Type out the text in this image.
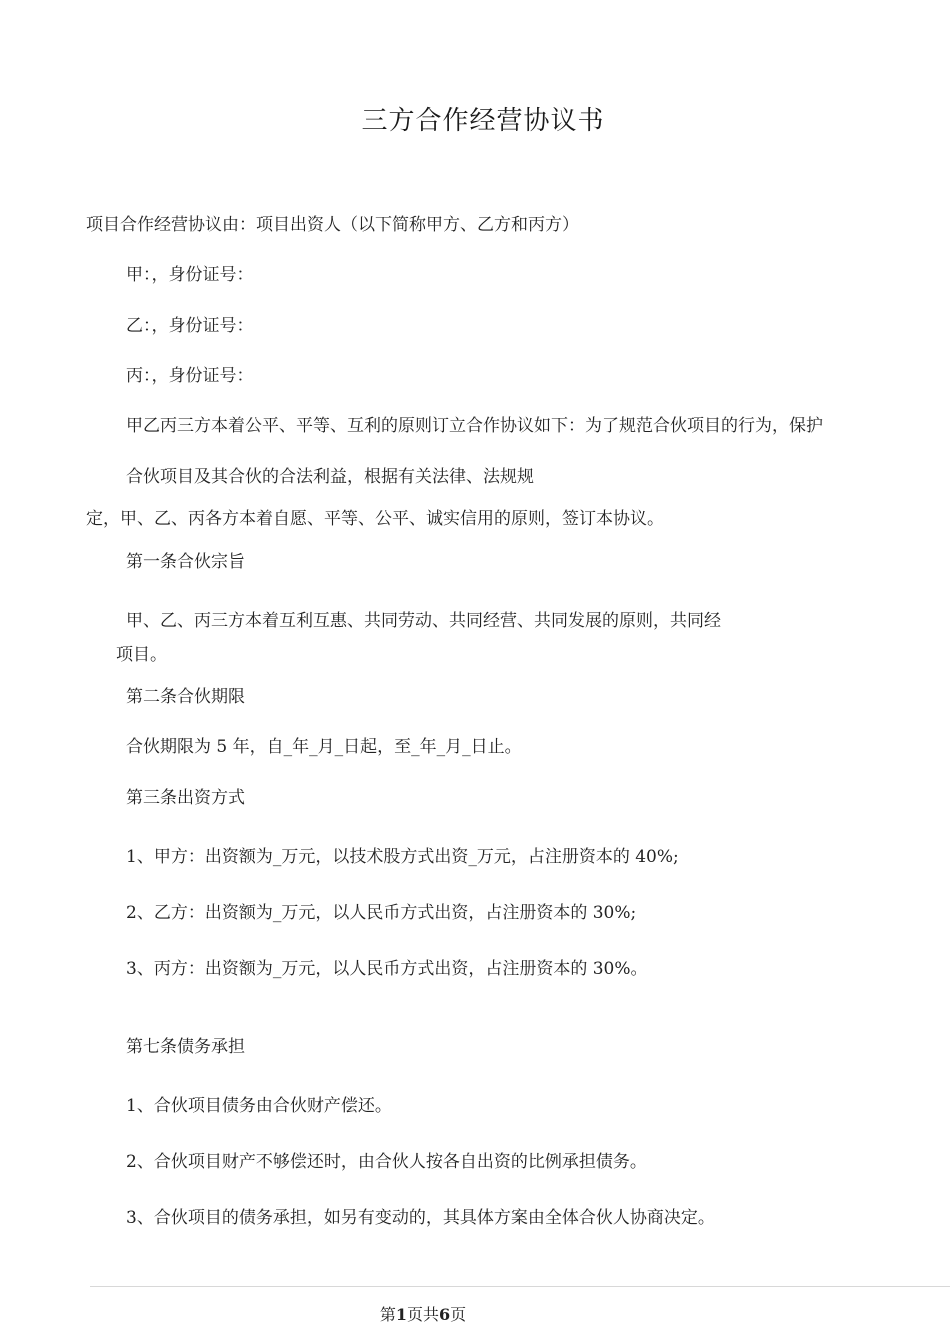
三方合作经营协议书
项目合作经营协议由：项目出资人（以下简称甲方、乙方和丙方）
甲：，身份证号：
乙：，身份证号：
丙：，身份证号：
甲乙丙三方本着公平、平等、互利的原则订立合作协议如下：为了规范合伙项目的行为，保护
合伙项目及其合伙的合法利益，根据有关法律、法规规
定，甲、乙、丙各方本着自愿、平等、公平、诚实信用的原则，签订本协议。
第一条合伙宗旨
甲、乙、丙三方本着互利互惠、共同劳动、共同经营、共同发展的原则，共同经
项目。
第二条合伙期限
合伙期限为 5 年，自_年_月_日起，至_年_月_日止。
第三条出资方式
1、甲方：出资额为_万元，以技术股方式出资_万元，占注册资本的 40%;
2、乙方：出资额为_万元，以人民币方式出资，占注册资本的 30%;
3、丙方：出资额为_万元，以人民币方式出资，占注册资本的 30%。
第七条债务承担
1、合伙项目债务由合伙财产偿还。
2、合伙项目财产不够偿还时，由合伙人按各自出资的比例承担债务。
3、合伙项目的债务承担，如另有变动的，其具体方案由全体合伙人协商决定。
第1页共6页
